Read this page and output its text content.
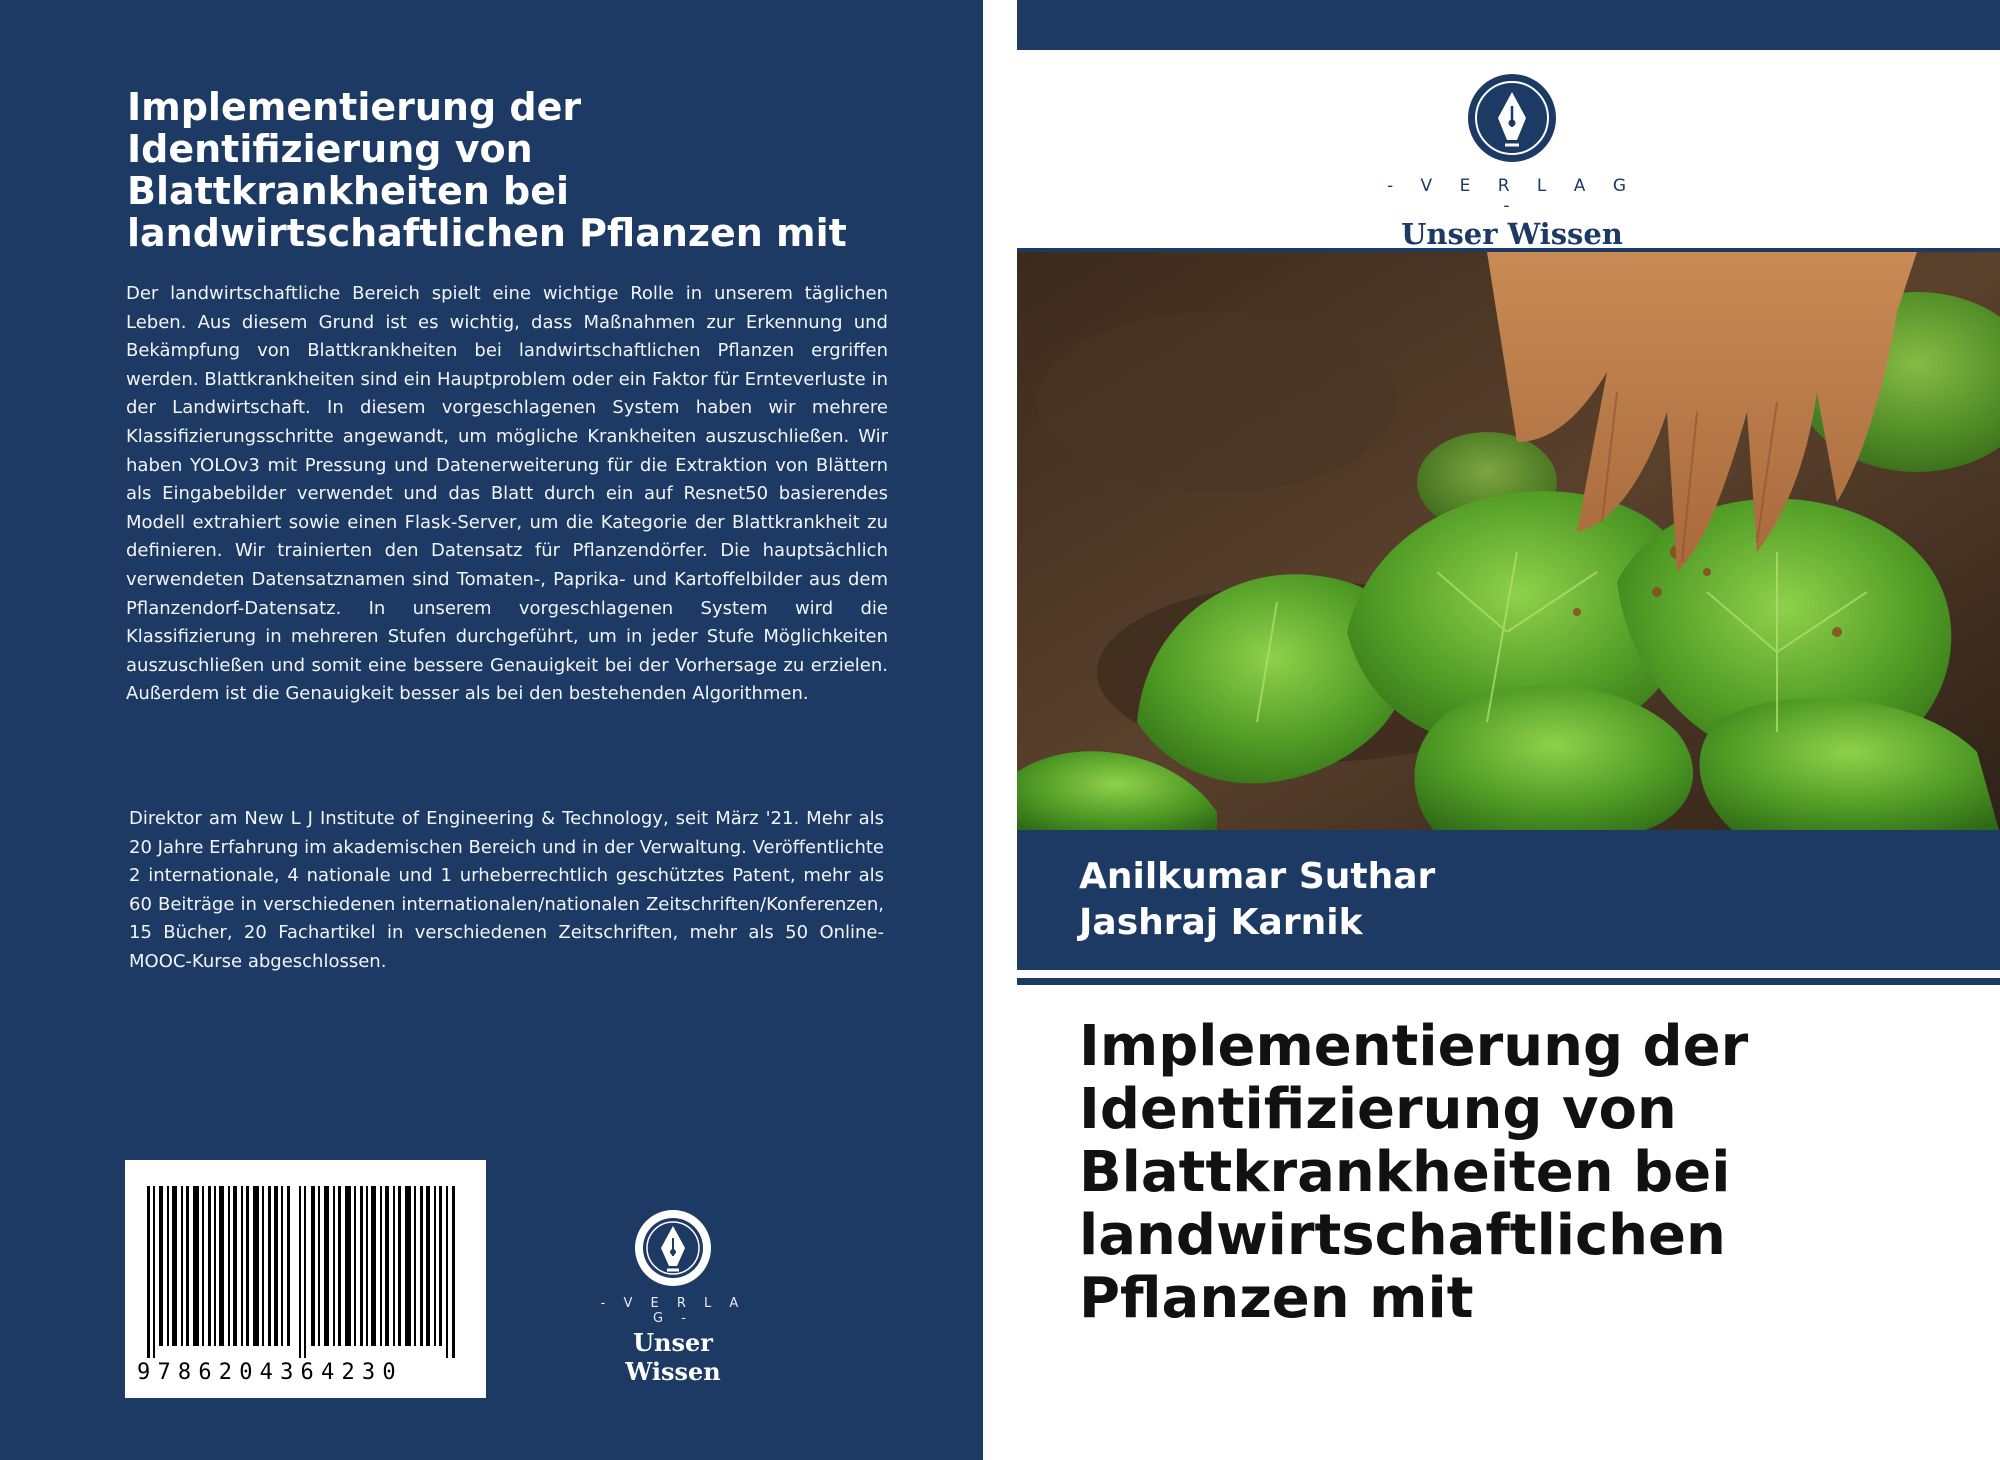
Implementierung der
Identifizierung von
Blattkrankheiten bei
landwirtschaftlichen Pflanzen mit

Der landwirtschaftliche Bereich spielt eine wichtige Rolle in unserem täglichen Leben. Aus diesem Grund ist es wichtig, dass Maßnahmen zur Erkennung und Bekämpfung von Blattkrankheiten bei landwirtschaftlichen Pflanzen ergriffen werden. Blattkrankheiten sind ein Hauptproblem oder ein Faktor für Ernteverluste in der Landwirtschaft. In diesem vorgeschlagenen System haben wir mehrere Klassifizierungsschritte angewandt, um mögliche Krankheiten auszuschließen. Wir haben YOLOv3 mit Pressung und Datenerweiterung für die Extraktion von Blättern als Eingabebilder verwendet und das Blatt durch ein auf Resnet50 basierendes Modell extrahiert sowie einen Flask-Server, um die Kategorie der Blattkrankheit zu definieren. Wir trainierten den Datensatz für Pflanzendörfer. Die hauptsächlich verwendeten Datensatznamen sind Tomaten-, Paprika- und Kartoffelbilder aus dem Pflanzendorf-Datensatz. In unserem vorgeschlagenen System wird die Klassifizierung in mehreren Stufen durchgeführt, um in jeder Stufe Möglichkeiten auszuschließen und somit eine bessere Genauigkeit bei der Vorhersage zu erzielen. Außerdem ist die Genauigkeit besser als bei den bestehenden Algorithmen.

Direktor am New L J Institute of Engineering & Technology, seit März '21. Mehr als 20 Jahre Erfahrung im akademischen Bereich und in der Verwaltung. Veröffentlichte 2 internationale, 4 nationale und 1 urheberrechtlich geschütztes Patent, mehr als 60 Beiträge in verschiedenen internationalen/nationalen Zeitschriften/Konferenzen, 15 Bücher, 20 Fachartikel in verschiedenen Zeitschriften, mehr als 50 Online-MOOC-Kurse abgeschlossen.

9786204364230
- V E R L A G -
Unser Wissen
- V E R L A G -
Unser Wissen
Anilkumar Suthar
Jashraj Karnik
Implementierung der
Identifizierung von
Blattkrankheiten bei
landwirtschaftlichen
Pflanzen mit
